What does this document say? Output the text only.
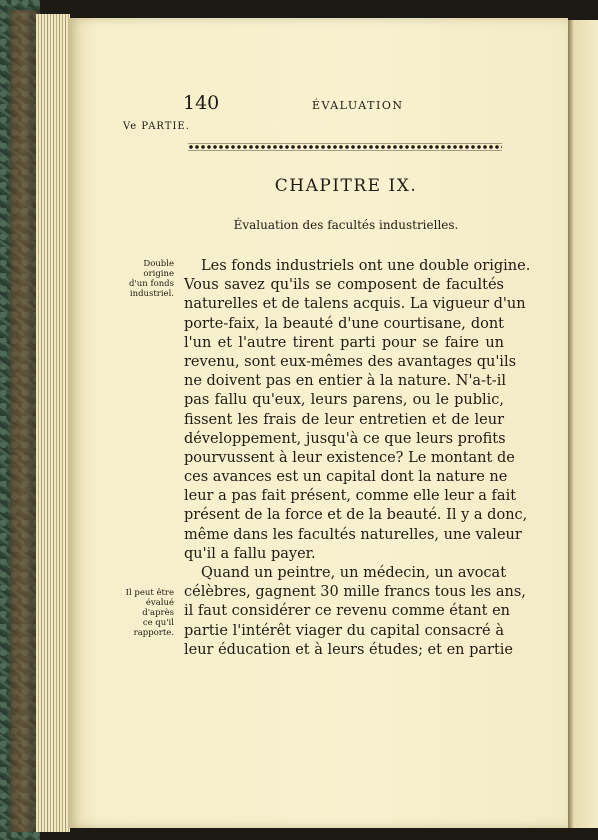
140	ÉVALUATION

Ve PARTIE.

CHAPITRE IX.

Évaluation des facultés industrielles.

Double origine
d'un fonds
industriel.

Il peut être
évalué d'après
ce qu'il
rapporte.

Les fonds industriels ont une double origine.
Vous savez qu'ils se composent de facultés
naturelles et de talens acquis. La vigueur d'un
porte-faix, la beauté d'une courtisane, dont
l'un et l'autre tirent parti pour se faire un
revenu, sont eux-mêmes des avantages qu'ils
ne doivent pas en entier à la nature. N'a-t-il
pas fallu qu'eux, leurs parens, ou le public,
fissent les frais de leur entretien et de leur
développement, jusqu'à ce que leurs profits
pourvussent à leur existence? Le montant de
ces avances est un capital dont la nature ne
leur a pas fait présent, comme elle leur a fait
présent de la force et de la beauté. Il y a donc,
même dans les facultés naturelles, une valeur
qu'il a fallu payer.
Quand un peintre, un médecin, un avocat
célèbres, gagnent 30 mille francs tous les ans,
il faut considérer ce revenu comme étant en
partie l'intérêt viager du capital consacré à
leur éducation et à leurs études; et en partie
